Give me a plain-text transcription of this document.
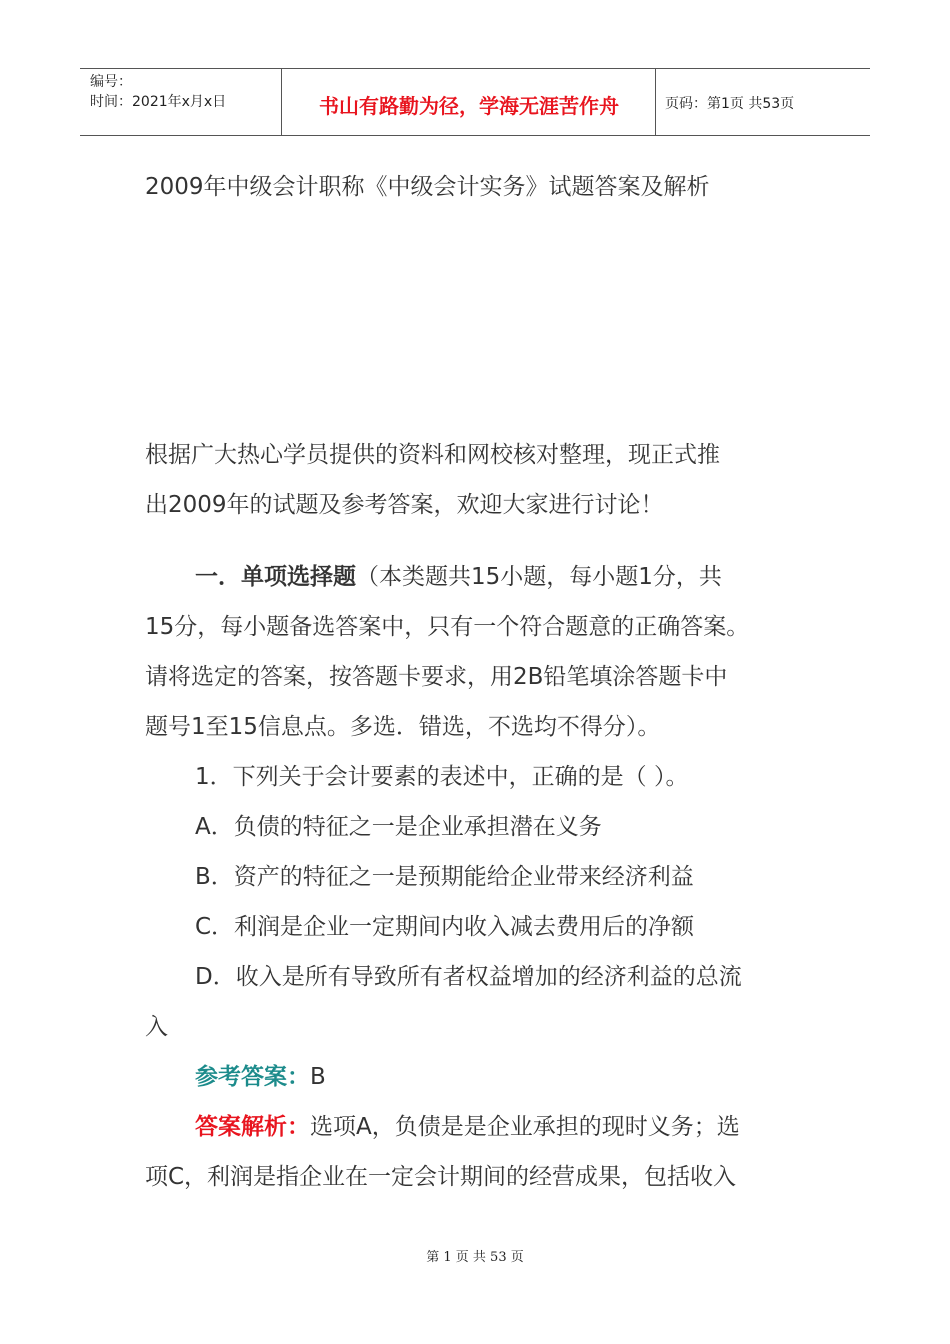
编号：
时间：2021年x月x日	书山有路勤为径，学海无涯苦作舟	页码：第1页 共53页
2009年中级会计职称《中级会计实务》试题答案及解析
根据广大热心学员提供的资料和网校核对整理，现正式推
出2009年的试题及参考答案，欢迎大家进行讨论！
一．单项选择题（本类题共15小题，每小题1分，共
15分，每小题备选答案中，只有一个符合题意的正确答案。
请将选定的答案，按答题卡要求，用2B铅笔填涂答题卡中
题号1至15信息点。多选．错选，不选均不得分）。
1．下列关于会计要素的表述中，正确的是（ ）。
A．负债的特征之一是企业承担潜在义务
B．资产的特征之一是预期能给企业带来经济利益
C．利润是企业一定期间内收入减去费用后的净额
D．收入是所有导致所有者权益增加的经济利益的总流
入
参考答案：B
答案解析：选项A，负债是是企业承担的现时义务；选
项C，利润是指企业在一定会计期间的经营成果，包括收入
第 1 页 共 53 页
